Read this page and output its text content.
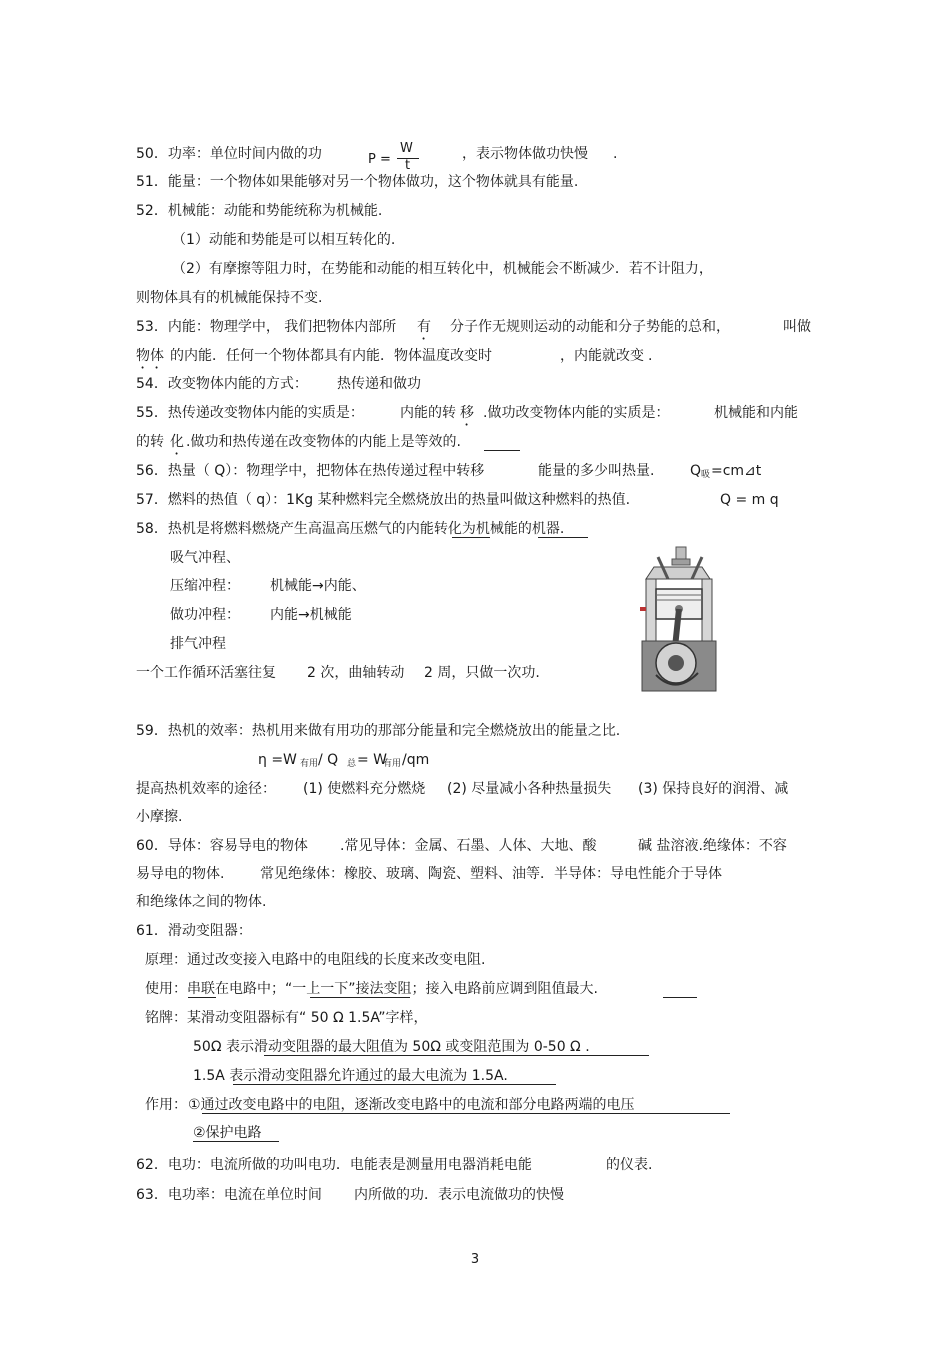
50．功率：单位时间内做的功	P =
W
t
，表示物体做功快慢 .
51．能量：一个物体如果能够对另一个物体做功，这个物体就具有能量.
52．机械能：动能和势能统称为机械能.
（1）动能和势能是可以相互转化的.
（2）有摩擦等阻力时，在势能和动能的相互转化中，机械能会不断减少．若不计阻力，
则物体具有的机械能保持不变.
53．内能：物理学中， 我们把物体内部所 有 分子作无规则运动的动能和分子势能的总和，	叫做
物体 的内能．任何一个物体都具有内能．物体温度改变时	，内能就改变 .
54．改变物体内能的方式： 热传递和做功
55．热传递改变物体内能的实质是：	内能的转 移 .做功改变物体内能的实质是：	机械能和内能
的转 化 .做功和热传递在改变物体的内能上是等效的.
56．热量（ Q）：物理学中，把物体在热传递过程中转移	能量的多少叫热量.	Q 吸 =cm⊿t
57．燃料的热值（ q）：1Kg 某种燃料完全燃烧放出的热量叫做这种燃料的热值.	Q = m q
58．热机是将燃料燃烧产生高温高压燃气的内能转化为机械能的机器.
吸气冲程、
压缩冲程： 机械能→内能、
做功冲程： 内能→机械能
排气冲程
一个工作循环活塞往复 2 次，曲轴转动 2 周，只做一次功.
59．热机的效率：热机用来做有用功的那部分能量和完全燃烧放出的能量之比.
η =W 有用 / Q 总 = W
有用 /qm
提高热机效率的途径： (1) 使燃料充分燃烧 (2) 尽量减小各种热量损失 (3) 保持良好的润滑、减
小摩擦.
60．导体：容易导电的物体 .常见导体：金属、石墨、人体、大地、酸	碱 盐溶液.绝缘体：不容
易导电的物体.	常见绝缘体：橡胶、玻璃、陶瓷、塑料、油等．半导体：导电性能介于导体
和绝缘体之间的物体.
61．滑动变阻器：
原理：通过改变接入电路中的电阻线的长度来改变电阻.
使用：串联在电路中；“一上一下”接法变阻；接入电路前应调到阻值最大.
铭牌：某滑动变阻器标有“ 50 Ω 1.5A”字样，
50Ω 表示滑动变阻器的最大阻值为 50Ω 或变阻范围为 0-50 Ω .
1.5A 表示滑动变阻器允许通过的最大电流为 1.5A.
作用： ①通过改变电路中的电阻，逐渐改变电路中的电流和部分电路两端的电压
②保护电路
62．电功：电流所做的功叫电功．电能表是测量用电器消耗电能	的仪表.
63．电功率：电流在单位时间 内所做的功．表示电流做功的快慢
3
